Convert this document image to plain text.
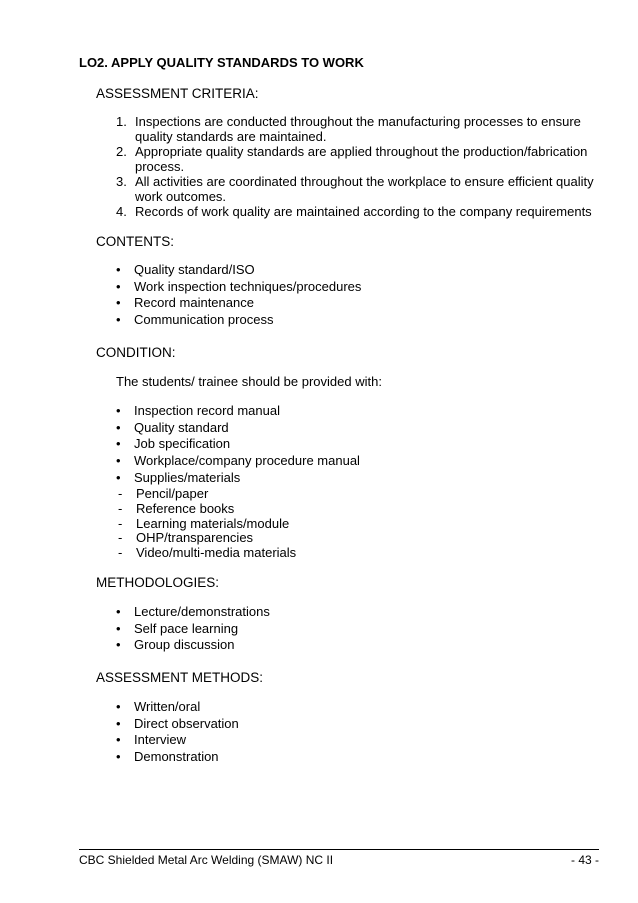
LO2. APPLY QUALITY STANDARDS TO WORK
ASSESSMENT CRITERIA:
1. Inspections are conducted throughout the manufacturing processes to ensure quality standards are maintained.
2. Appropriate quality standards are applied throughout the production/fabrication process.
3. All activities are coordinated throughout the workplace to ensure efficient quality work outcomes.
4. Records of work quality are maintained according to the company requirements
CONTENTS:
• Quality standard/ISO
• Work inspection techniques/procedures
• Record maintenance
• Communication process
CONDITION:
The students/ trainee should be provided with:
• Inspection record manual
• Quality standard
• Job specification
• Workplace/company procedure manual
• Supplies/materials
- Pencil/paper
- Reference books
- Learning materials/module
- OHP/transparencies
- Video/multi-media materials
METHODOLOGIES:
• Lecture/demonstrations
• Self pace learning
• Group discussion
ASSESSMENT METHODS:
• Written/oral
• Direct observation
• Interview
• Demonstration
CBC Shielded Metal Arc Welding (SMAW) NC II	- 43 -
